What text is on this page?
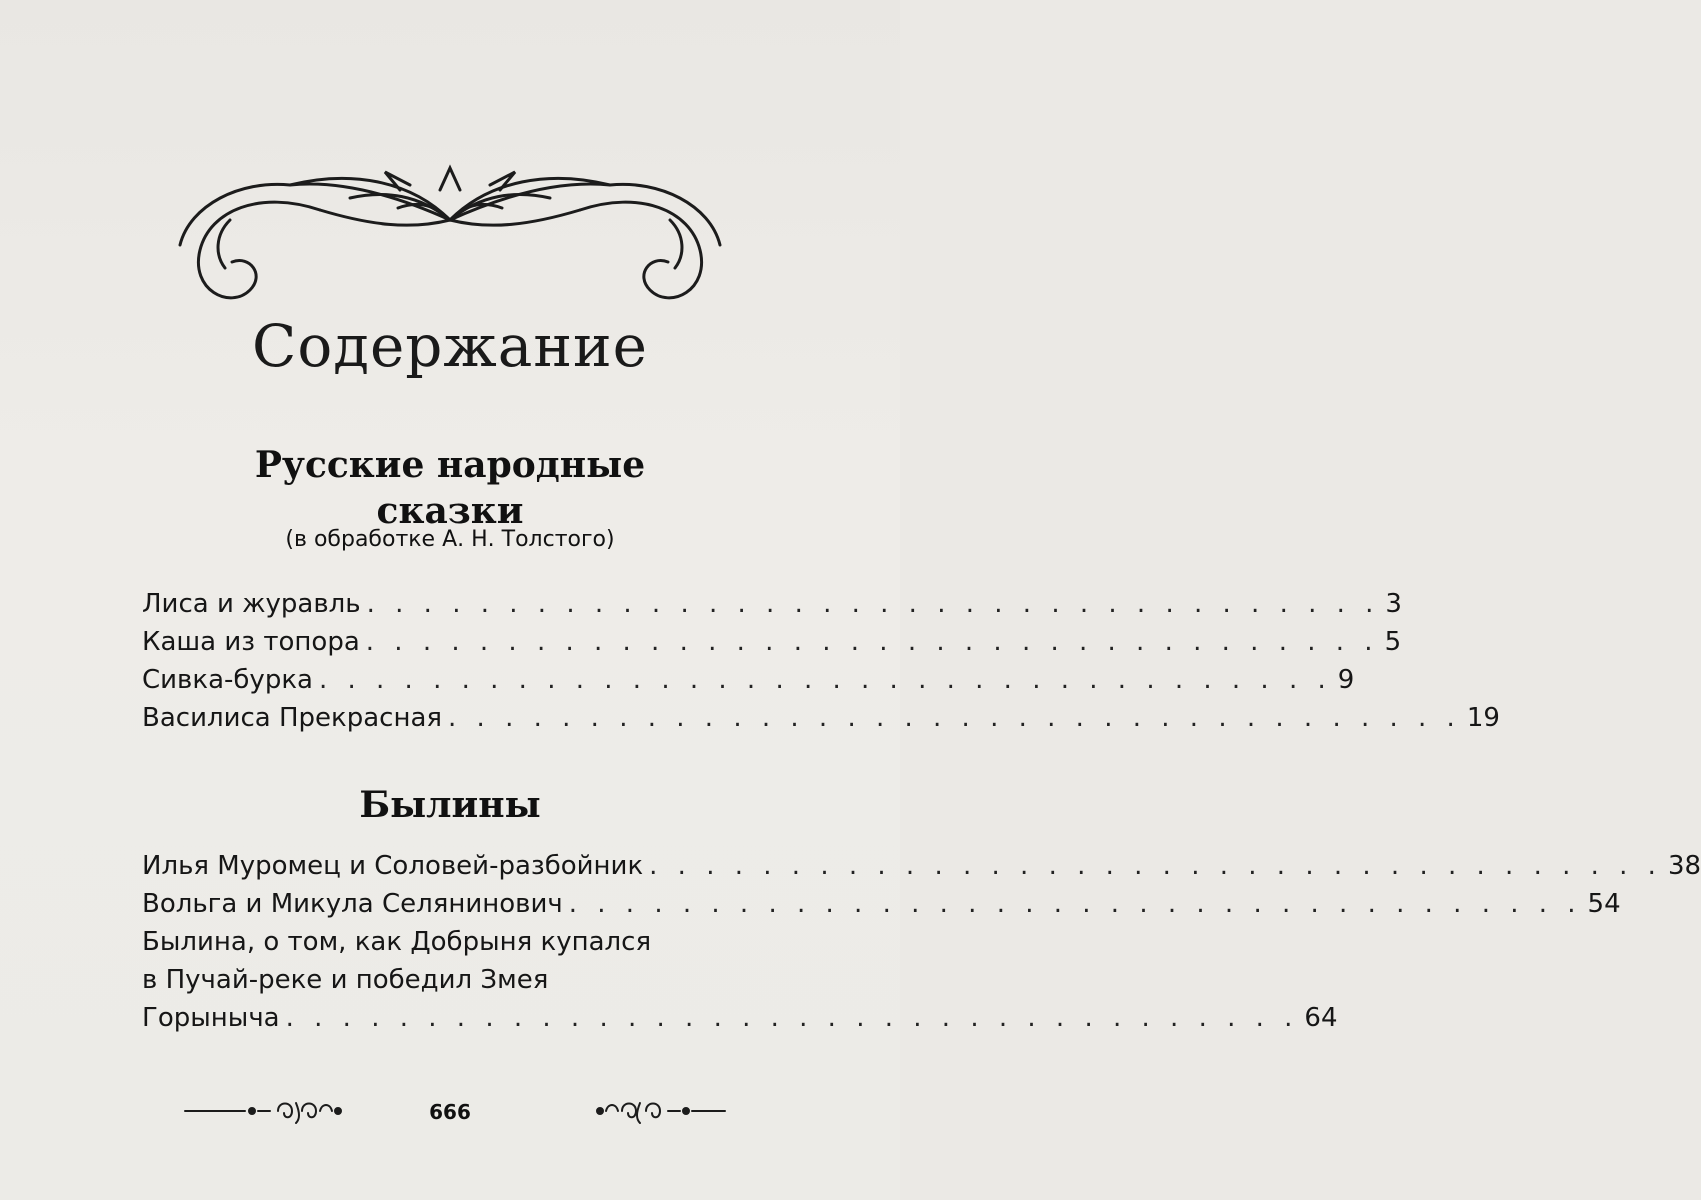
Содержание
Русские народные
сказки
(в обработке А. Н. Толстого)
Лиса и журавль . . . . . . . . . . . . . . . . . . . . . . . . . . . . . . . . . . . . 3
Каша из топора . . . . . . . . . . . . . . . . . . . . . . . . . . . . . . . . . . . . 5
Сивка-бурка . . . . . . . . . . . . . . . . . . . . . . . . . . . . . . . . . . . . 9
Василиса Прекрасная . . . . . . . . . . . . . . . . . . . . . . . . . . . . . . . . . . . . 19
Былины
Илья Муромец и Соловей-разбойник . . . . . . . . . . . . . . . . . . . . . . . . . . . . . . . . . . . . 38
Вольга и Микула Селянинович . . . . . . . . . . . . . . . . . . . . . . . . . . . . . . . . . . . . 54
Былина, о том, как Добрыня купался
в Пучай-реке и победил Змея
Горыныча . . . . . . . . . . . . . . . . . . . . . . . . . . . . . . . . . . . . 64
666
